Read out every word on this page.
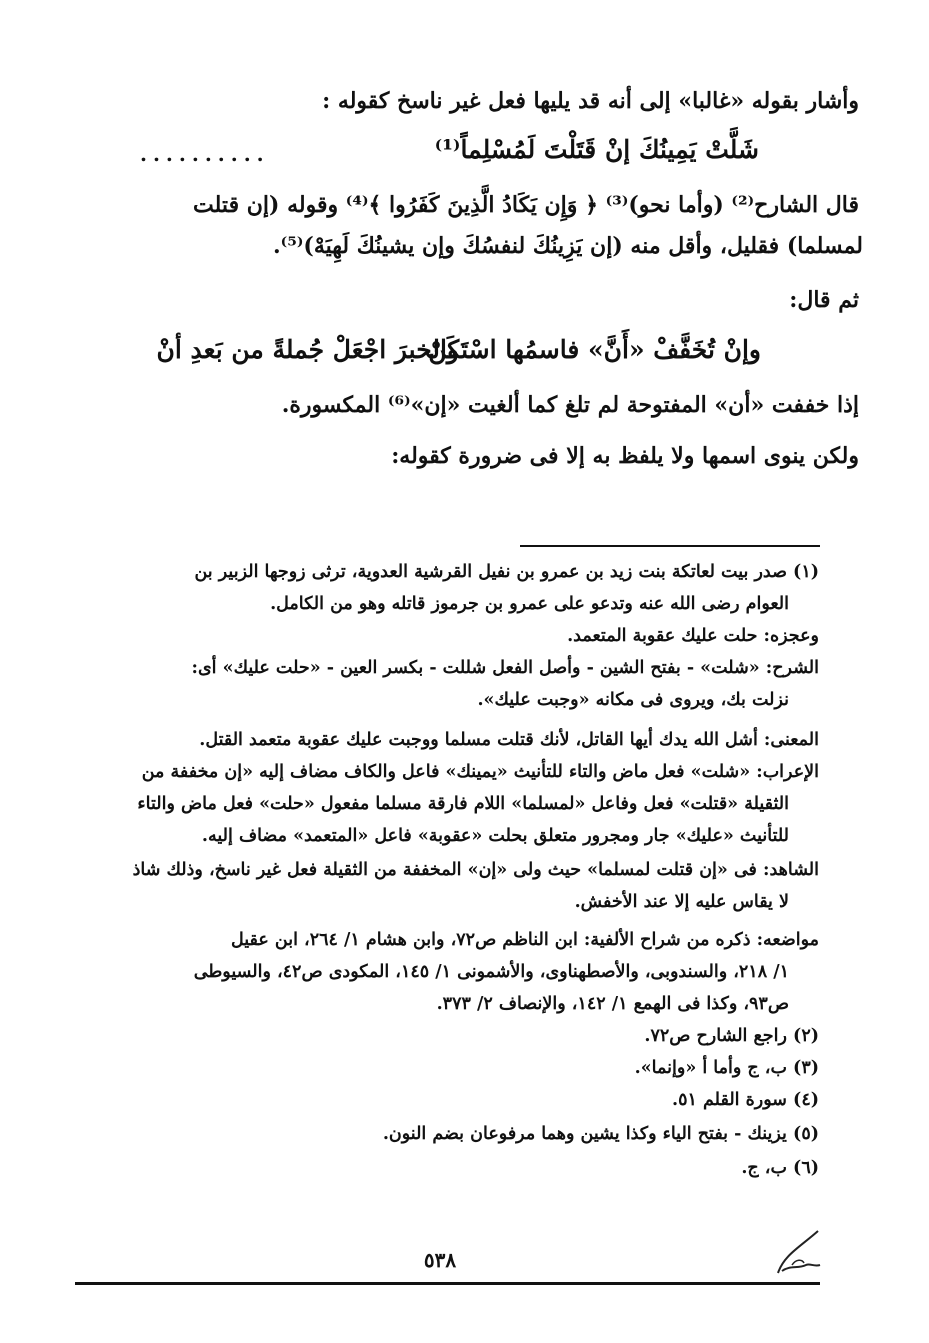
وأشار بقوله «غالبا» إلى أنه قد يليها فعل غير ناسخ كقوله :
شَلَّتْ يَمِينُكَ إنْ قَتَلْتَ لَمُسْلِماً⁽¹⁾
..........
قال الشارح⁽²⁾ (وأما نحو)⁽³⁾ ﴿ وَإِن يَكَادُ الَّذِينَ كَفَرُوا ﴾⁽⁴⁾ وقوله (إن قتلت
لمسلما) فقليل، وأقل منه (إن يَزِينُكَ لنفسُكَ وإن يشينُكَ لَهِيَهْ)⁽⁵⁾.
ثم قال:
وإنْ تُخَفَّفْ «أَنَّ» فاسمُها اسْتَكَنْ
والخبرَ اجْعَلْ جُملةً من بَعدِ أنْ
إذا خففت «أن» المفتوحة لم تلغ كما ألغيت «إن»⁽⁶⁾ المكسورة.
ولكن ينوى اسمها ولا يلفظ به إلا فى ضرورة كقوله:
(١) صدر بيت لعاتكة بنت زيد بن عمرو بن نفيل القرشية العدوية، ترثى زوجها الزبير بن
العوام رضى الله عنه وتدعو على عمرو بن جرموز قاتله وهو من الكامل.
وعجزه: حلت عليك عقوبة المتعمد.
الشرح: «شلت» - بفتح الشين - وأصل الفعل شللت - بكسر العين - «حلت عليك» أى:
نزلت بك، ويروى فى مكانه «وجبت عليك».
المعنى: أشل الله يدك أيها القاتل، لأنك قتلت مسلما ووجبت عليك عقوبة متعمد القتل.
الإعراب: «شلت» فعل ماض والتاء للتأنيث «يمينك» فاعل والكاف مضاف إليه «إن مخففة من
الثقيلة «قتلت» فعل وفاعل «لمسلما» اللام فارقة مسلما مفعول «حلت» فعل ماض والتاء
للتأنيث «عليك» جار ومجرور متعلق بحلت «عقوبة» فاعل «المتعمد» مضاف إليه.
الشاهد: فى «إن قتلت لمسلما» حيث ولى «إن» المخففة من الثقيلة فعل غير ناسخ، وذلك شاذ
لا يقاس عليه إلا عند الأخفش.
مواضعه: ذكره من شراح الألفية: ابن الناظم ص٧٢، وابن هشام ١/ ٢٦٤، ابن عقيل
١/ ٢١٨، والسندوبى، والأصطهناوى، والأشمونى ١/ ١٤٥، المكودى ص٤٢، والسيوطى
ص٩٣، وكذا فى الهمع ١/ ١٤٢، والإنصاف ٢/ ٣٧٣.
(٢) راجع الشارح ص٧٢.
(٣) ب، ج وأما أ «وإنما».
(٤) سورة القلم ٥١.
(٥) يزينك - بفتح الياء وكذا يشين وهما مرفوعان بضم النون.
(٦) ب، ج.
٥٣٨
